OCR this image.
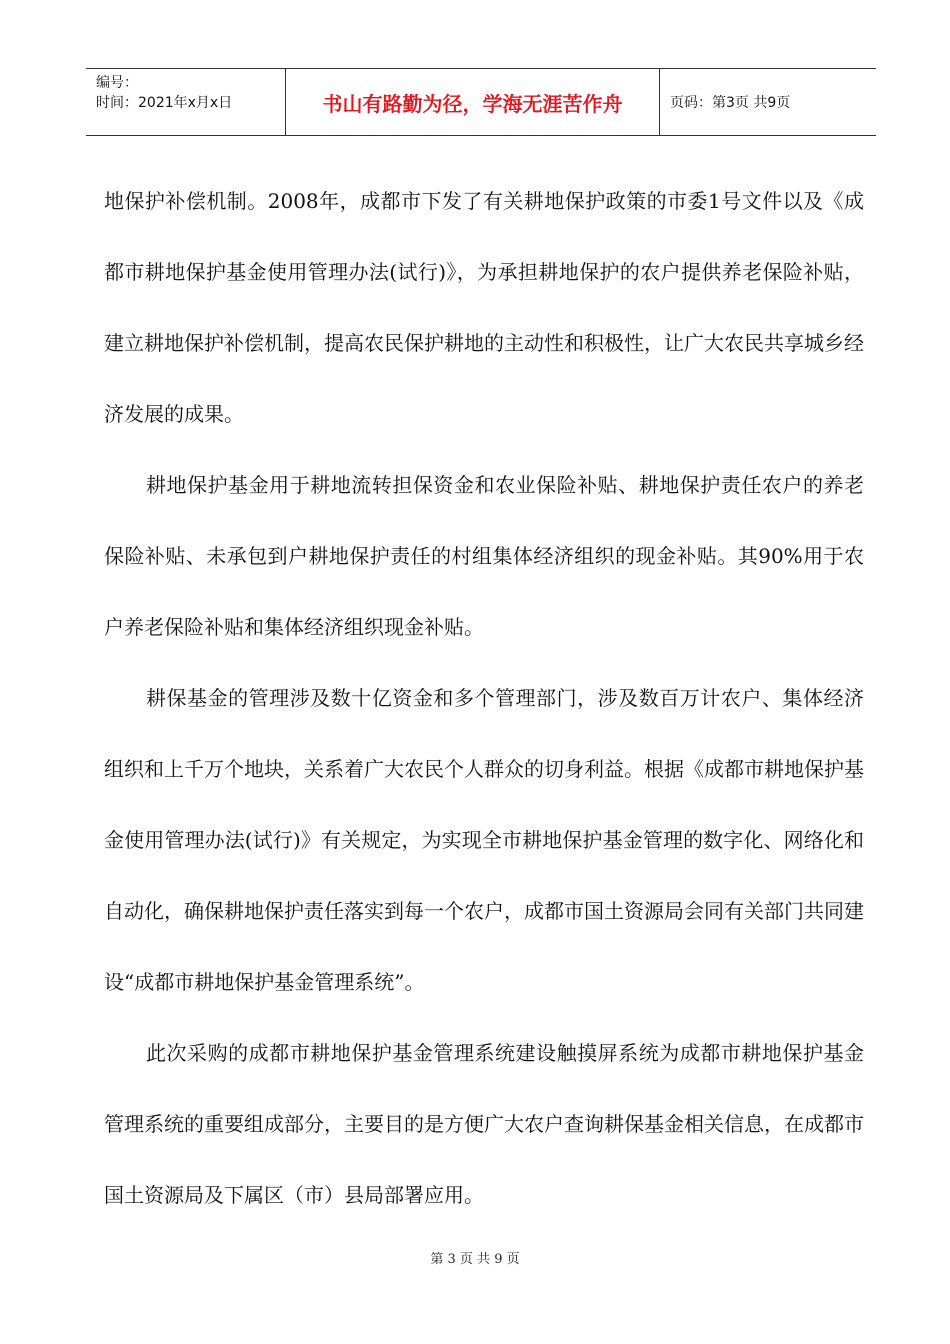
编号：
时间：2021年x月x日	书山有路勤为径，学海无涯苦作舟	页码：第3页 共9页

地保护补偿机制。2008年，成都市下发了有关耕地保护政策的市委1号文件以及《成都市耕地保护基金使用管理办法(试行)》，为承担耕地保护的农户提供养老保险补贴，建立耕地保护补偿机制，提高农民保护耕地的主动性和积极性，让广大农民共享城乡经济发展的成果。

耕地保护基金用于耕地流转担保资金和农业保险补贴、耕地保护责任农户的养老保险补贴、未承包到户耕地保护责任的村组集体经济组织的现金补贴。其90%用于农户养老保险补贴和集体经济组织现金补贴。

耕保基金的管理涉及数十亿资金和多个管理部门，涉及数百万计农户、集体经济组织和上千万个地块，关系着广大农民个人群众的切身利益。根据《成都市耕地保护基金使用管理办法(试行)》有关规定，为实现全市耕地保护基金管理的数字化、网络化和自动化，确保耕地保护责任落实到每一个农户，成都市国土资源局会同有关部门共同建设“成都市耕地保护基金管理系统”。

此次采购的成都市耕地保护基金管理系统建设触摸屏系统为成都市耕地保护基金管理系统的重要组成部分，主要目的是方便广大农户查询耕保基金相关信息，在成都市国土资源局及下属区（市）县局部署应用。

第 3 页 共 9 页
